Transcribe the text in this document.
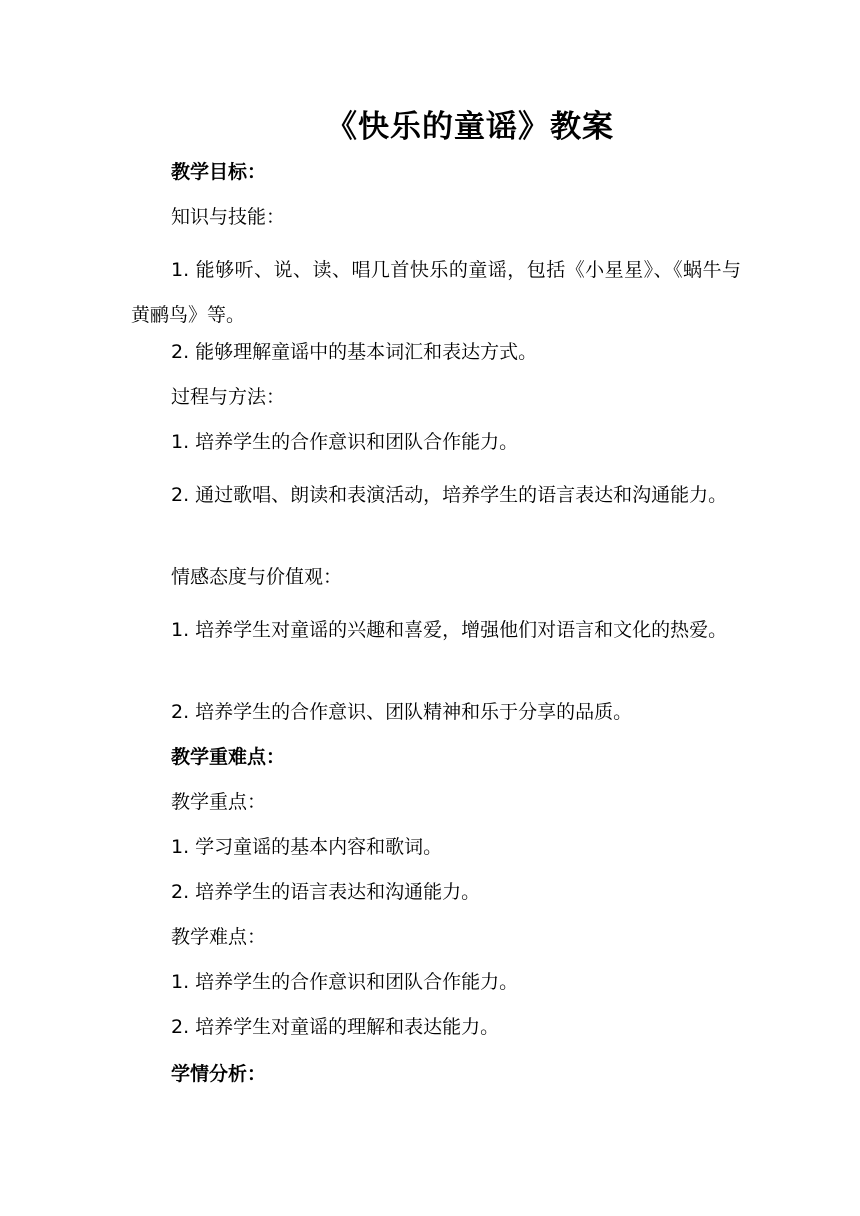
《快乐的童谣》教案
教学目标：
知识与技能：
1. 能够听、说、读、唱几首快乐的童谣，包括《小星星》、《蜗牛与黄鹂鸟》等。
2. 能够理解童谣中的基本词汇和表达方式。
过程与方法：
1. 培养学生的合作意识和团队合作能力。
2. 通过歌唱、朗读和表演活动，培养学生的语言表达和沟通能力。
情感态度与价值观：
1. 培养学生对童谣的兴趣和喜爱，增强他们对语言和文化的热爱。
2. 培养学生的合作意识、团队精神和乐于分享的品质。
教学重难点：
教学重点：
1. 学习童谣的基本内容和歌词。
2. 培养学生的语言表达和沟通能力。
教学难点：
1. 培养学生的合作意识和团队合作能力。
2. 培养学生对童谣的理解和表达能力。
学情分析：
